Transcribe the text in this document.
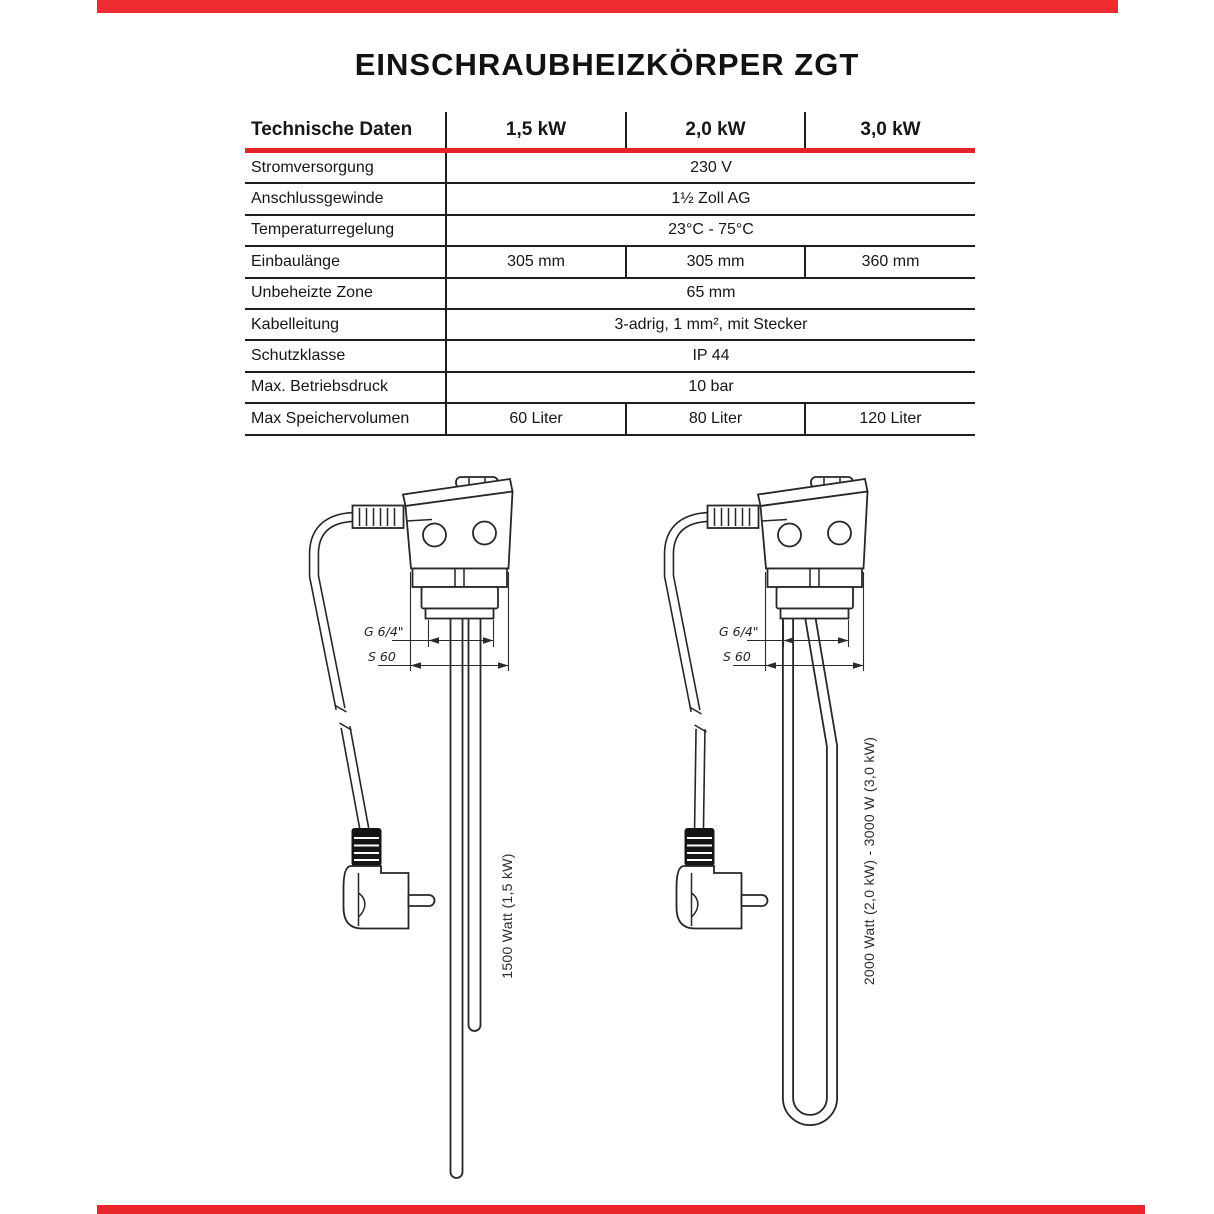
EINSCHRAUBHEIZKÖRPER ZGT
Technische Daten	1,5 kW	2,0 kW	3,0 kW
Stromversorgung	230 V
Anschlussgewinde	1½ Zoll AG
Temperaturregelung	23°C - 75°C
Einbaulänge	305 mm	305 mm	360 mm
Unbeheizte Zone	65 mm
Kabelleitung	3-adrig, 1 mm², mit Stecker
Schutzklasse	IP 44
Max. Betriebsdruck	10 bar
Max Speichervolumen	60 Liter	80 Liter	120 Liter
1500 Watt (1,5 kW)	2000 Watt (2,0 kW) - 3000 W (3,0 kW)
